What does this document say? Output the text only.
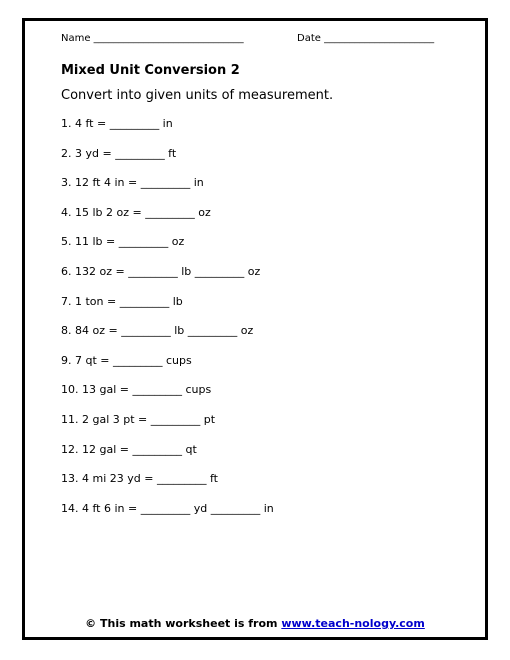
Name ______________________________	Date ______________________
Mixed Unit Conversion 2
Convert into given units of measurement.
1. 4 ft = _________ in
2. 3 yd = _________ ft
3. 12 ft 4 in = _________ in
4. 15 lb 2 oz = _________ oz
5. 11 lb = _________ oz
6. 132 oz = _________ lb _________ oz
7. 1 ton = _________ lb
8. 84 oz = _________ lb _________ oz
9. 7 qt = _________ cups
10. 13 gal = _________ cups
11. 2 gal 3 pt = _________ pt
12. 12 gal = _________ qt
13. 4 mi 23 yd = _________ ft
14. 4 ft 6 in = _________ yd _________ in
© This math worksheet is from www.teach-nology.com
